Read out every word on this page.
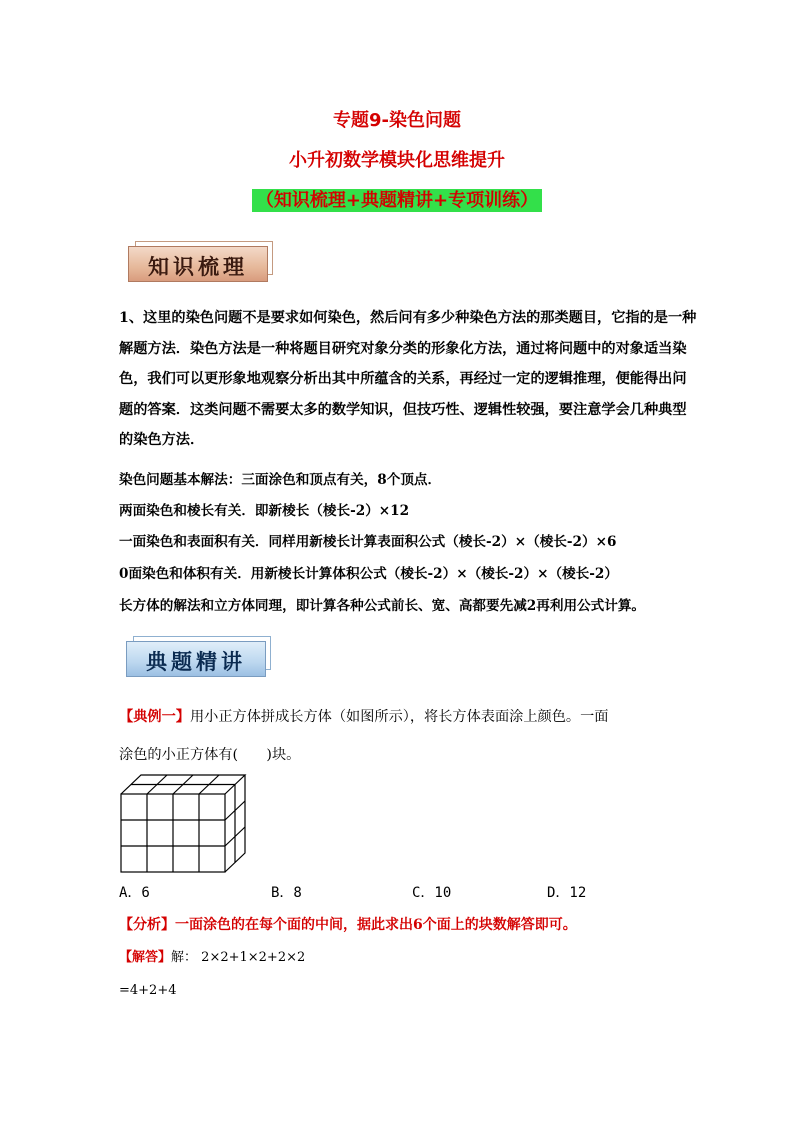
专题9-染色问题
小升初数学模块化思维提升
（知识梳理+典题精讲+专项训练）
知识梳理
1、这里的染色问题不是要求如何染色，然后问有多少种染色方法的那类题目，它指的是一种解题方法．染色方法是一种将题目研究对象分类的形象化方法，通过将问题中的对象适当染色，我们可以更形象地观察分析出其中所蕴含的关系，再经过一定的逻辑推理，便能得出问题的答案．这类问题不需要太多的数学知识，但技巧性、逻辑性较强，要注意学会几种典型的染色方法．
染色问题基本解法：三面涂色和顶点有关，8个顶点．
两面染色和棱长有关．即新棱长（棱长-2）×12
一面染色和表面积有关．同样用新棱长计算表面积公式（棱长-2）×（棱长-2）×6
0面染色和体积有关．用新棱长计算体积公式（棱长-2）×（棱长-2）×（棱长-2）
长方体的解法和立方体同理，即计算各种公式前长、宽、高都要先减2再利用公式计算。
典题精讲
【典例一】用小正方体拼成长方体（如图所示），将长方体表面涂上颜色。一面
涂色的小正方体有(　　)块。
A．6	B．8	C．10	D．12
【分析】一面涂色的在每个面的中间，据此求出6个面上的块数解答即可。
【解答】解： 2×2+1×2+2×2
=4+2+4
